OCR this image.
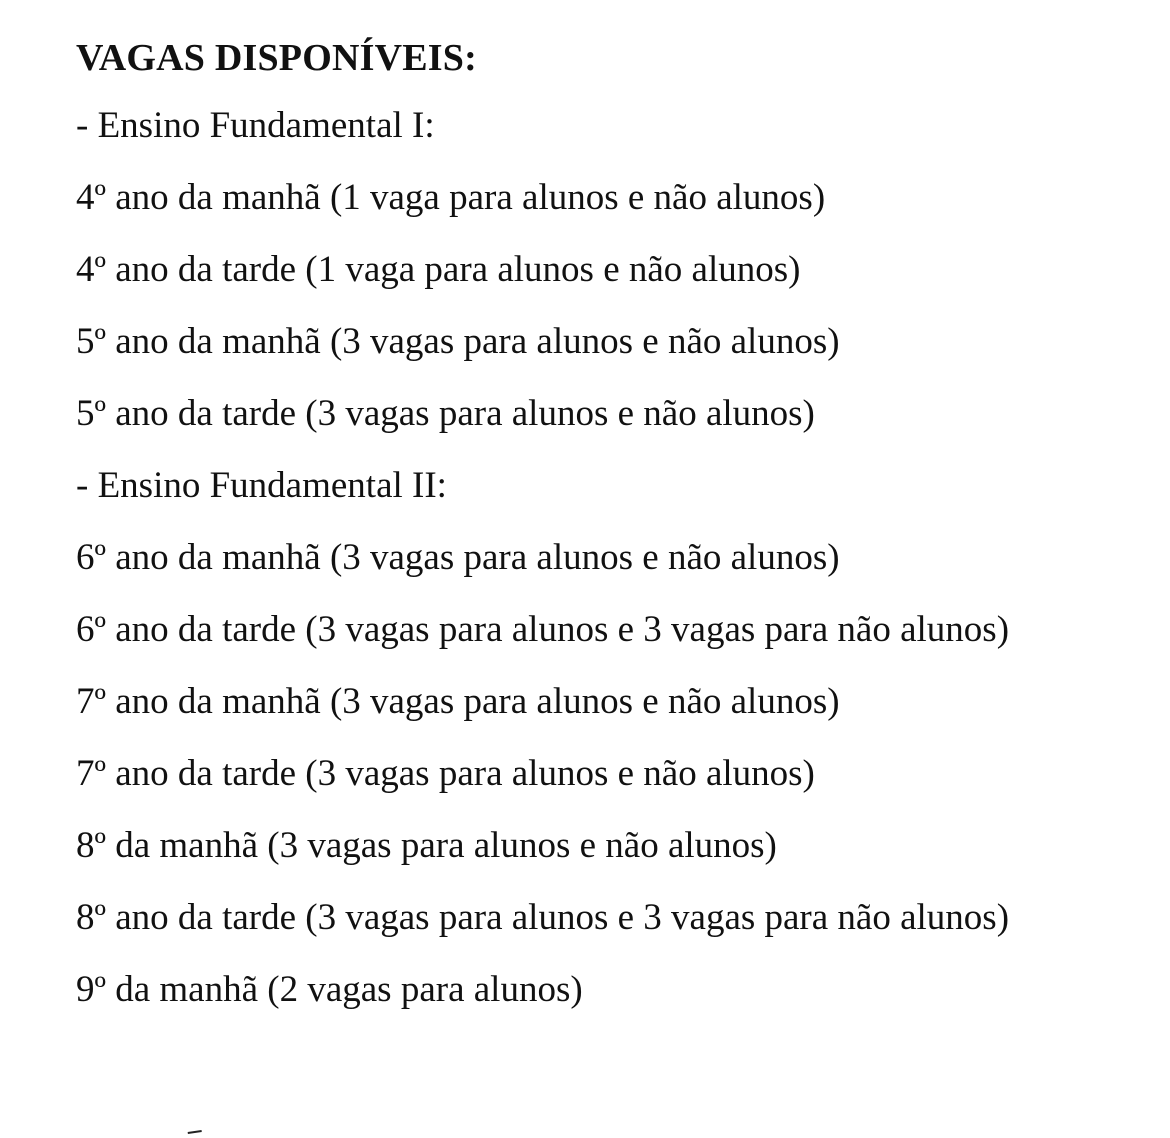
VAGAS DISPONÍVEIS:
- Ensino Fundamental I:
4º ano da manhã (1 vaga para alunos e não alunos)
4º ano da tarde (1 vaga para alunos e não alunos)
5º ano da manhã (3 vagas para alunos e não alunos)
5º ano da tarde (3 vagas para alunos e não alunos)
- Ensino Fundamental II:
6º ano da manhã (3 vagas para alunos e não alunos)
6º ano da tarde (3 vagas para alunos e 3 vagas para não alunos)
7º ano da manhã (3 vagas para alunos e não alunos)
7º ano da tarde (3 vagas para alunos e não alunos)
8º da manhã (3 vagas para alunos e não alunos)
8º ano da tarde (3 vagas para alunos e 3 vagas para não alunos)
9º da manhã (2 vagas para alunos)
